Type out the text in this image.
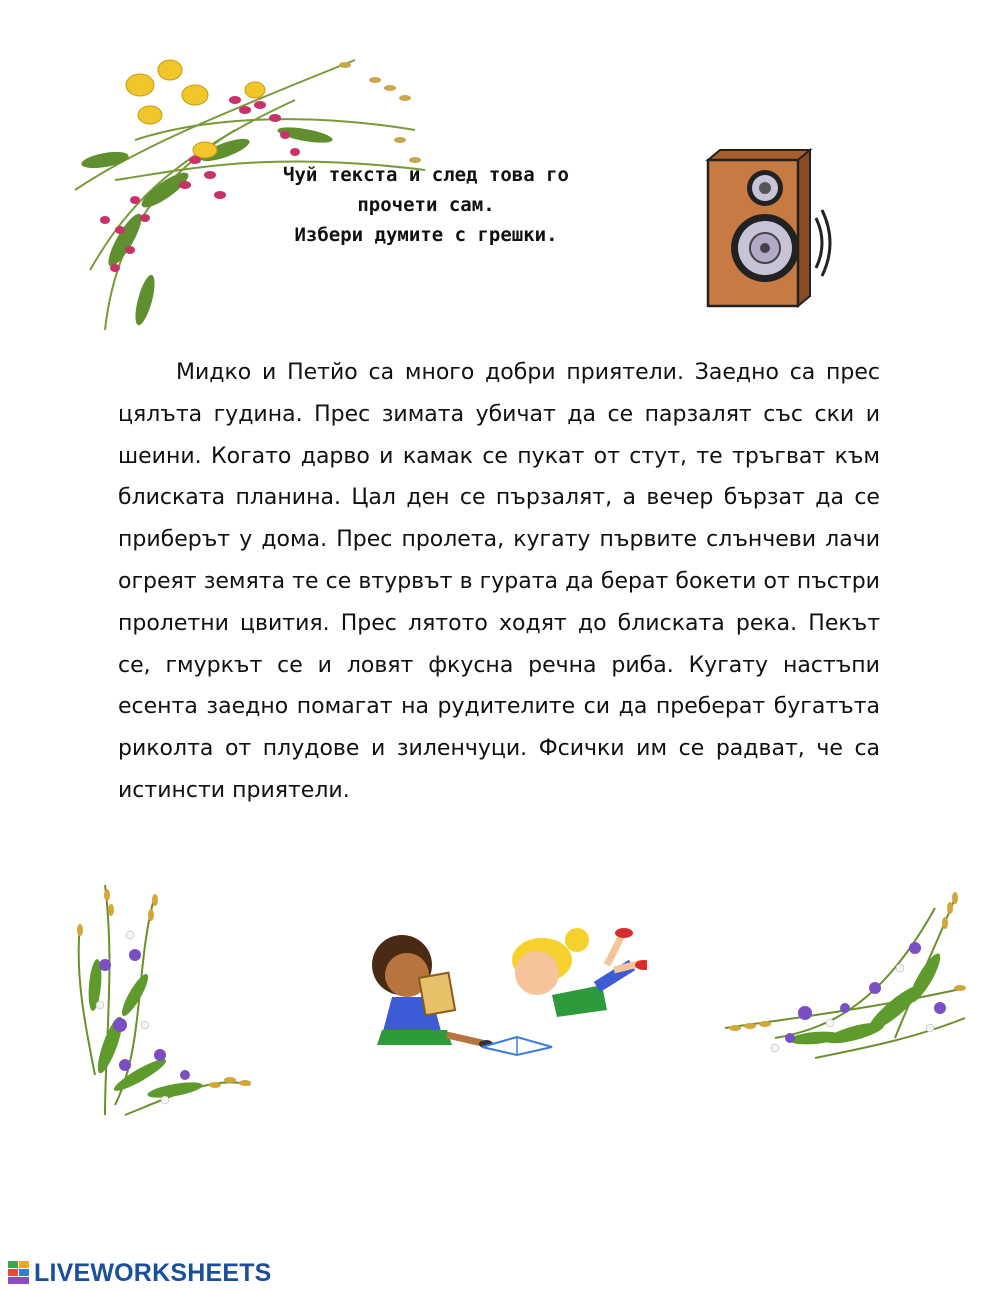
Чуй текста и след това го
прочети сам.
Избери думите с грешки.
Мидко и Петйо са много добри приятели. Заедно са прес цялъта гудина. Прес зимата убичат да се парзалят със ски и шеини. Когато дарво и камак се пукат от стут, те тръгват към блиската планина. Цал ден се пързалят, а вечер бързат да се приберът у дома. Прес пролета, кугату първите слънчеви лачи огреят земята те се втурвът в гурата да берат бокети от пъстри пролетни цвития. Прес лятото ходят до блиската река. Пекът се, гмуркът се и ловят фкусна речна риба. Кугату настъпи есента заедно помагат на рудителите си да преберат бугатъта риколта от плудове и зиленчуци. Фсички им се радват, че са истинсти приятели.
LIVEWORKSHEETS
